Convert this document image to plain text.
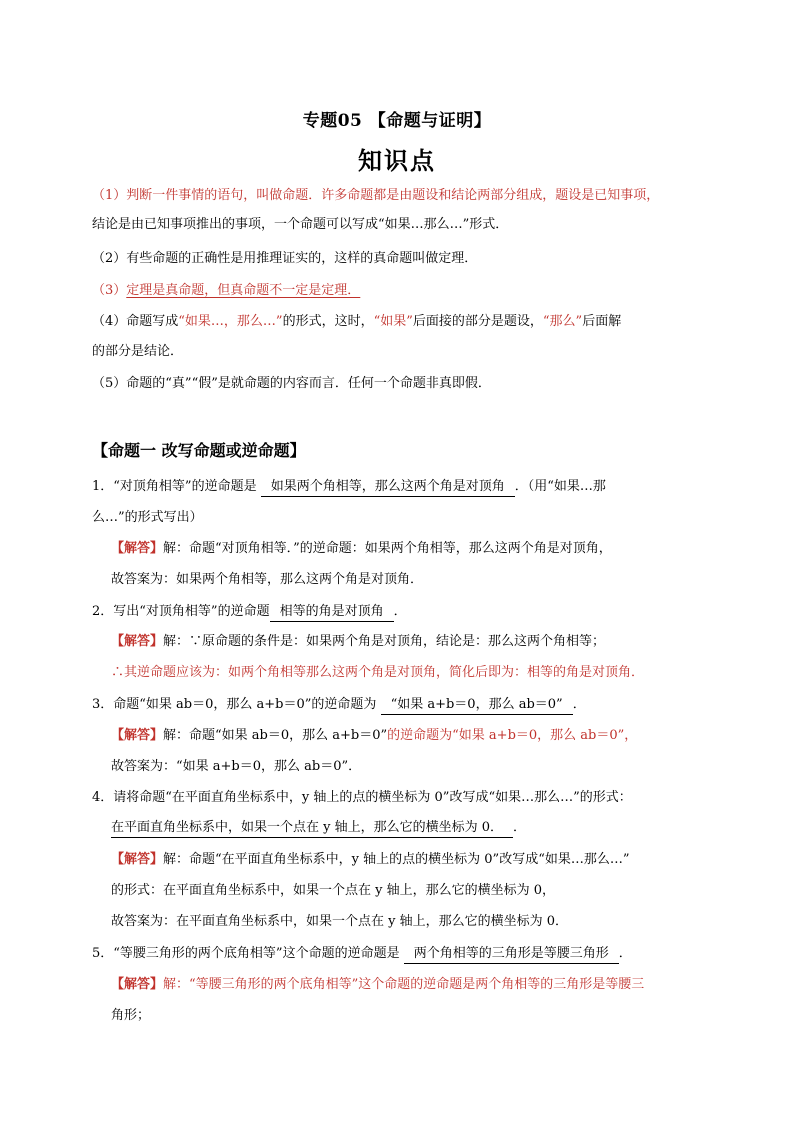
专题05 【命题与证明】
知识点
（1）判断一件事情的语句，叫做命题．许多命题都是由题设和结论两部分组成，题设是已知事项，
结论是由已知事项推出的事项，一个命题可以写成“如果…那么…”形式．
（2）有些命题的正确性是用推理证实的，这样的真命题叫做定理．
（3）定理是真命题，但真命题不一定是定理．
（4）命题写成“如果…，那么…”的形式，这时，“如果”后面接的部分是题设，“那么”后面解
的部分是结论．
（5）命题的“真”“假”是就命题的内容而言．任何一个命题非真即假．
【命题一 改写命题或逆命题】
1．“对顶角相等”的逆命题是 如果两个角相等，那么这两个角是对顶角 ．（用“如果…那
么…”的形式写出）
【解答】解：命题“对顶角相等．”的逆命题：如果两个角相等，那么这两个角是对顶角，
故答案为：如果两个角相等，那么这两个角是对顶角．
2．写出“对顶角相等”的逆命题 相等的角是对顶角 ．
【解答】解：∵原命题的条件是：如果两个角是对顶角，结论是：那么这两个角相等；
∴其逆命题应该为：如两个角相等那么这两个角是对顶角，简化后即为：相等的角是对顶角．
3．命题“如果 ab＝0，那么 a+b＝0”的逆命题为 “如果 a+b＝0，那么 ab＝0” ．
【解答】解：命题“如果 ab＝0，那么 a+b＝0”的逆命题为“如果 a+b＝0，那么 ab＝0”，
故答案为：“如果 a+b＝0，那么 ab＝0”．
4．请将命题“在平面直角坐标系中，y 轴上的点的横坐标为 0”改写成“如果…那么…”的形式：
在平面直角坐标系中，如果一个点在 y 轴上，那么它的横坐标为 0． ．
【解答】解：命题“在平面直角坐标系中，y 轴上的点的横坐标为 0”改写成“如果…那么…”
的形式：在平面直角坐标系中，如果一个点在 y 轴上，那么它的横坐标为 0，
故答案为：在平面直角坐标系中，如果一个点在 y 轴上，那么它的横坐标为 0．
5．“等腰三角形的两个底角相等”这个命题的逆命题是 两个角相等的三角形是等腰三角形 ．
【解答】解：“等腰三角形的两个底角相等”这个命题的逆命题是两个角相等的三角形是等腰三
角形；
